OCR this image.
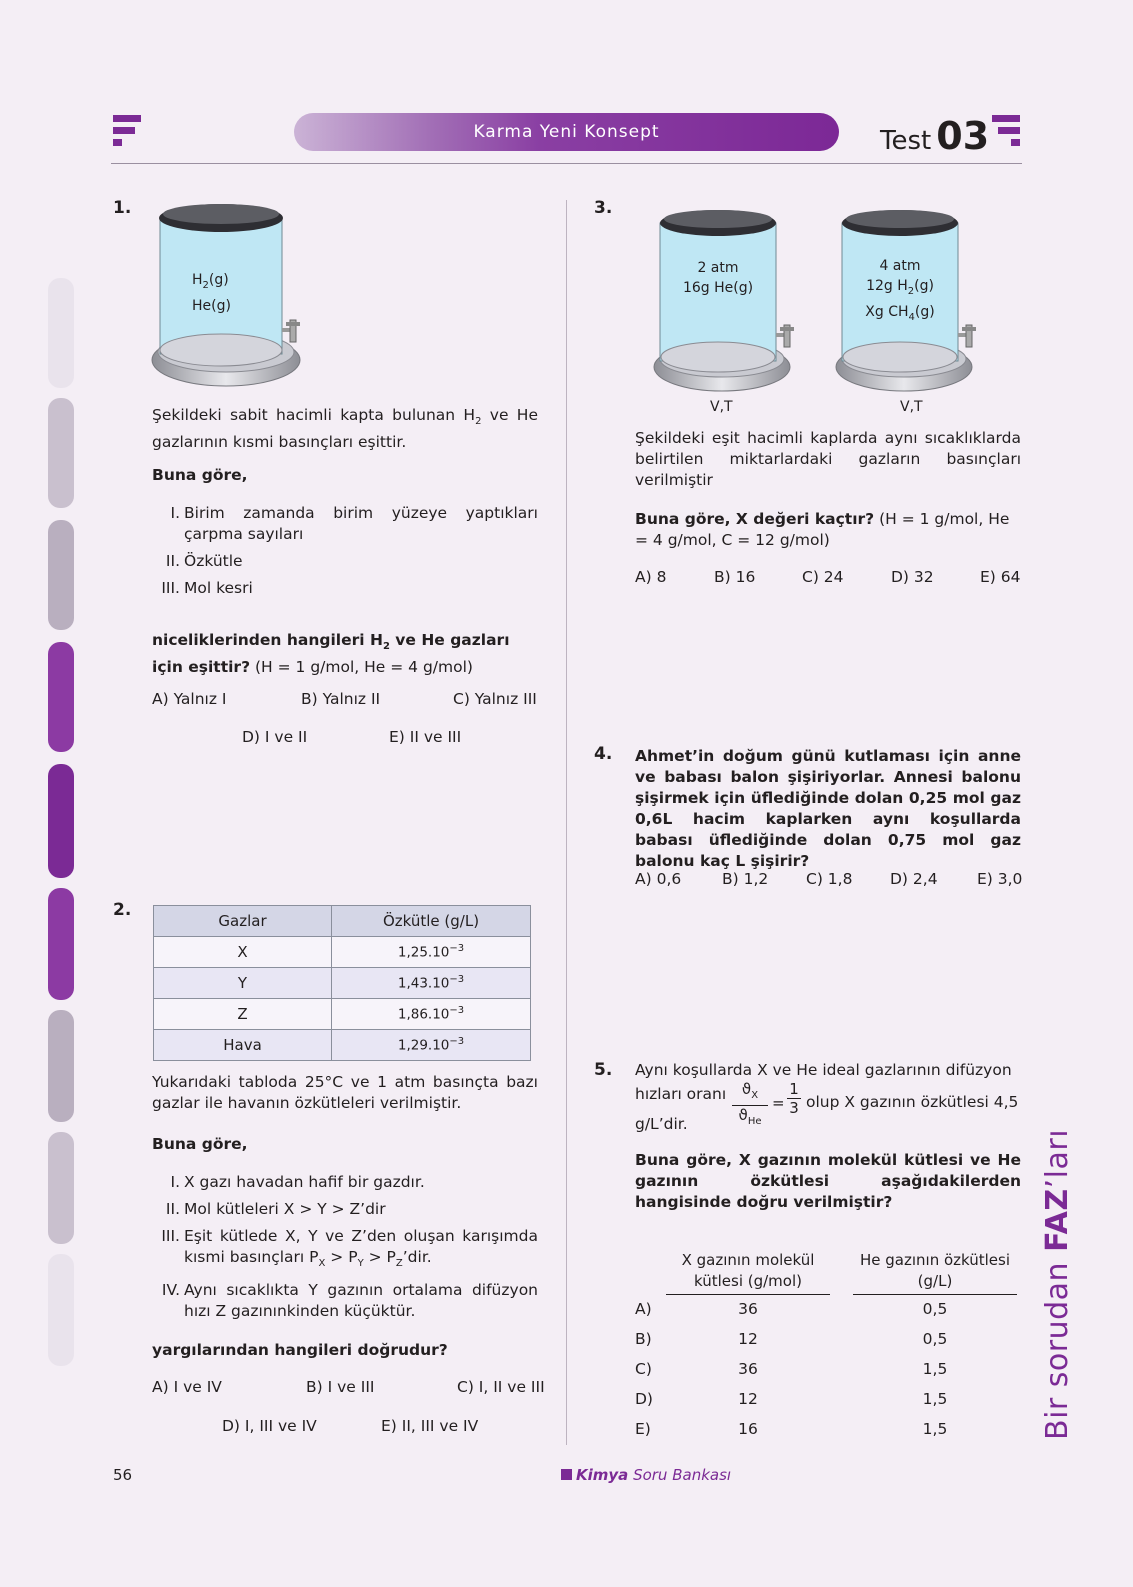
Karma Yeni Konsept	Test 03
1.
$H_2(g)$
He(g)
Şekildeki sabit hacimli kapta bulunan $H_2$ ve He gazlarının kısmi basınçları eşittir.
Buna göre,
I. Birim zamanda birim yüzeye yaptıkları çarpma sayıları
II. Özkütle
III. Mol kesri
niceliklerinden hangileri $H_2$ ve He gazları için eşittir? (H = 1 g/mol, He = 4 g/mol)
A) Yalnız I	B) Yalnız II	C) Yalnız III
D) I ve II	E) II ve III
2.
Gazlar	Özkütle (g/L)
X	$1,25.10^{-3}$
Y	$1,43.10^{-3}$
Z	$1,86.10^{-3}$
Hava	$1,29.10^{-3}$
Yukarıdaki tabloda 25°C ve 1 atm basınçta bazı gazlar ile havanın özkütleleri verilmiştir.
Buna göre,
I. X gazı havadan hafif bir gazdır.
II. Mol kütleleri X > Y > Z’dir
III. Eşit kütlede X, Y ve Z’den oluşan karışımda kısmi basınçları $P_X > P_Y$ > $P_Z’dir$.
IV. Aynı sıcaklıkta Y gazının ortalama difüzyon hızı Z gazınınkinden küçüktür.
yargılarından hangileri doğrudur?
A) I ve IV	B) I ve III	C) I, II ve III
D) I, III ve IV	E) II, III ve IV
3.
2 atm
16g He(g)
4 atm
12g $H_2(g)$
Xg $CH_4(g)$
V,T	V,T
Şekildeki eşit hacimli kaplarda aynı sıcaklıklarda belirtilen miktarlardaki gazların basınçları verilmiştir
Buna göre, X değeri kaçtır? (H = 1 g/mol, He = 4 g/mol, C = 12 g/mol)
A) 8	B) 16	C) 24	D) 32	E) 64
4. Ahmet’in doğum günü kutlaması için anne ve babası balon şişiriyorlar. Annesi balonu şişirmek için üflediğinde dolan 0,25 mol gaz 0,6L hacim kaplarken aynı koşullarda babası üflediğinde dolan 0,75 mol gaz balonu kaç L şişirir?
A) 0,6	B) 1,2 C) 1,8 D) 2,4	E) 3,0
5. Aynı koşullarda X ve He ideal gazlarının difüzyon
hızları oranı	$ϑ_X$
$ϑ_{He}$
=
1
3 olup X gazının özkütlesi 4,5
g/L’dir.
Buna göre, X gazının molekül kütlesi ve He gazının özkütlesi aşağıdakilerden hangisinde doğru verilmiştir?
X gazının molekül kütlesi (g/mol)
He gazının özkütlesi (g/L)
A)	36	0,5
B)	12	0,5
C)	36	1,5
D)	12	1,5
E)	16	1,5	Bir sorudan FAZ’ları
56	Kimya Soru Bankası
